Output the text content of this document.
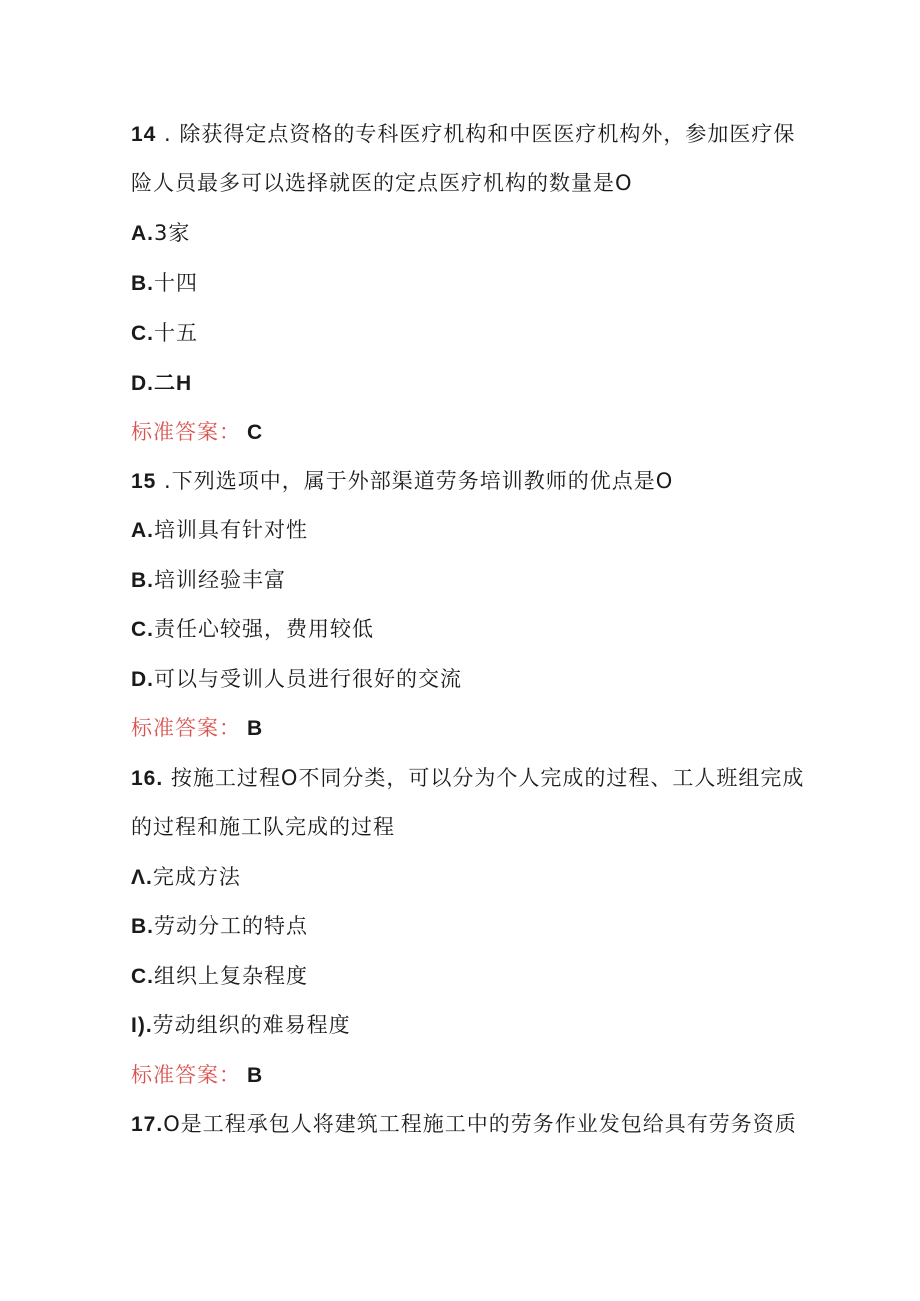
14 . 除获得定点资格的专科医疗机构和中医医疗机构外，参加医疗保
险人员最多可以选择就医的定点医疗机构的数量是O
A.3家
B.十四
C.十五
D.二H
标准答案： C
15 .下列选项中，属于外部渠道劳务培训教师的优点是O
A.培训具有针对性
B.培训经验丰富
C.责任心较强，费用较低
D.可以与受训人员进行很好的交流
标准答案： B
16. 按施工过程O不同分类，可以分为个人完成的过程、工人班组完成
的过程和施工队完成的过程
Λ.完成方法
B.劳动分工的特点
C.组织上复杂程度
I).劳动组织的难易程度
标准答案： B
17.O是工程承包人将建筑工程施工中的劳务作业发包给具有劳务资质
